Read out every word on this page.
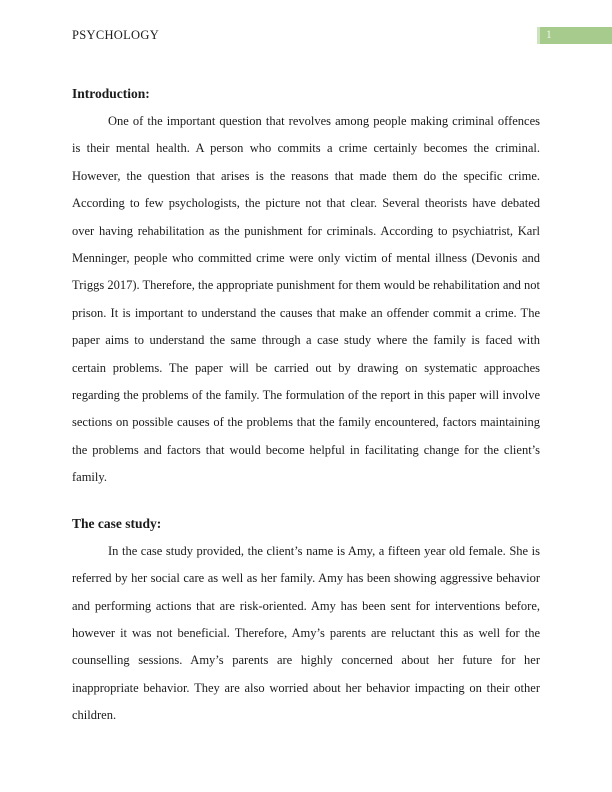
PSYCHOLOGY	1
Introduction:

One of the important question that revolves among people making criminal offences is their mental health. A person who commits a crime certainly becomes the criminal. However, the question that arises is the reasons that made them do the specific crime. According to few psychologists, the picture not that clear. Several theorists have debated over having rehabilitation as the punishment for criminals. According to psychiatrist, Karl Menninger, people who committed crime were only victim of mental illness (Devonis and Triggs 2017). Therefore, the appropriate punishment for them would be rehabilitation and not prison. It is important to understand the causes that make an offender commit a crime. The paper aims to understand the same through a case study where the family is faced with certain problems. The paper will be carried out by drawing on systematic approaches regarding the problems of the family. The formulation of the report in this paper will involve sections on possible causes of the problems that the family encountered, factors maintaining the problems and factors that would become helpful in facilitating change for the client’s family.

The case study:

In the case study provided, the client’s name is Amy, a fifteen year old female. She is referred by her social care as well as her family. Amy has been showing aggressive behavior and performing actions that are risk-oriented. Amy has been sent for interventions before, however it was not beneficial. Therefore, Amy’s parents are reluctant this as well for the counselling sessions. Amy’s parents are highly concerned about her future for her inappropriate behavior. They are also worried about her behavior impacting on their other children.
